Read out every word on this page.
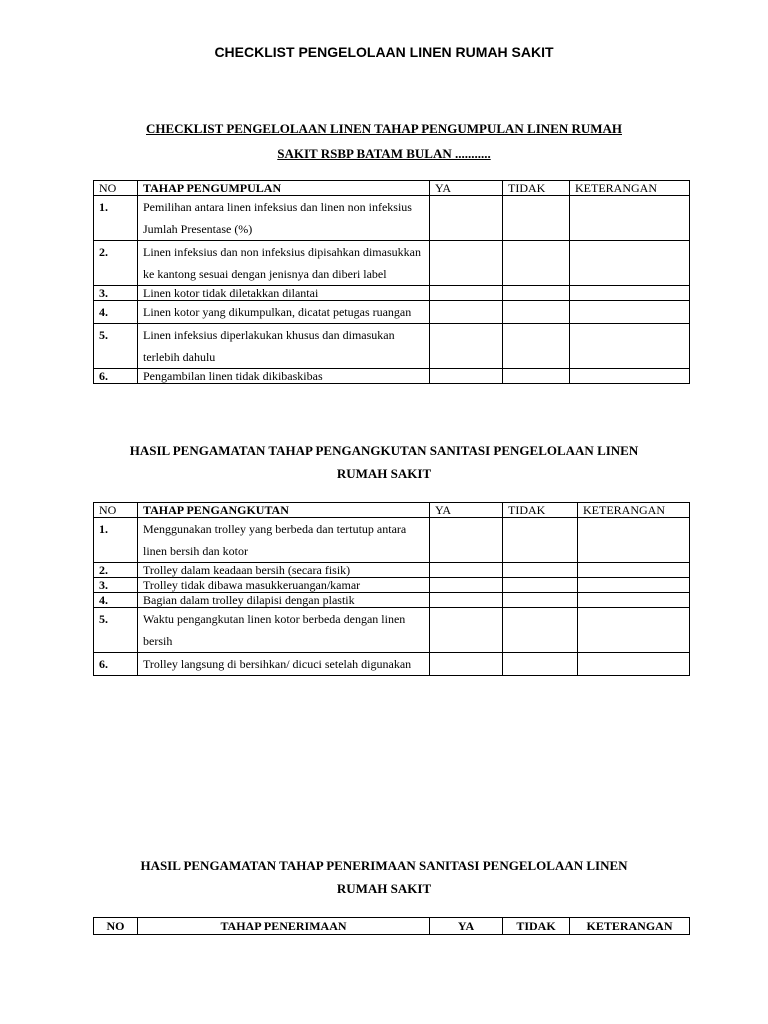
CHECKLIST PENGELOLAAN LINEN RUMAH SAKIT
CHECKLIST PENGELOLAAN LINEN TAHAP PENGUMPULAN LINEN RUMAH
SAKIT RSBP BATAM BULAN ...........
NO	TAHAP PENGUMPULAN	YA	TIDAK	KETERANGAN
1.	Pemilihan antara linen infeksius dan linen non infeksius Jumlah Presentase (%)			
2.	Linen infeksius dan non infeksius dipisahkan dimasukkan ke kantong sesuai dengan jenisnya dan diberi label			
3.	Linen kotor tidak diletakkan dilantai			
4.	Linen kotor yang dikumpulkan, dicatat petugas ruangan			
5.	Linen infeksius diperlakukan khusus dan dimasukan terlebih dahulu			
6.	Pengambilan linen tidak dikibaskibas			
HASIL PENGAMATAN TAHAP PENGANGKUTAN SANITASI PENGELOLAAN LINEN
RUMAH SAKIT
NO	TAHAP PENGANGKUTAN	YA	TIDAK	KETERANGAN
1.	Menggunakan trolley yang berbeda dan tertutup antara linen bersih dan kotor			
2.	Trolley dalam keadaan bersih (secara fisik)			
3.	Trolley tidak dibawa masukkeruangan/kamar			
4.	Bagian dalam trolley dilapisi dengan plastik			
5.	Waktu pengangkutan linen kotor berbeda dengan linen bersih			
6.	Trolley langsung di bersihkan/ dicuci setelah digunakan			
HASIL PENGAMATAN TAHAP PENERIMAAN SANITASI PENGELOLAAN LINEN
RUMAH SAKIT
NO	TAHAP PENERIMAAN	YA	TIDAK	KETERANGAN
